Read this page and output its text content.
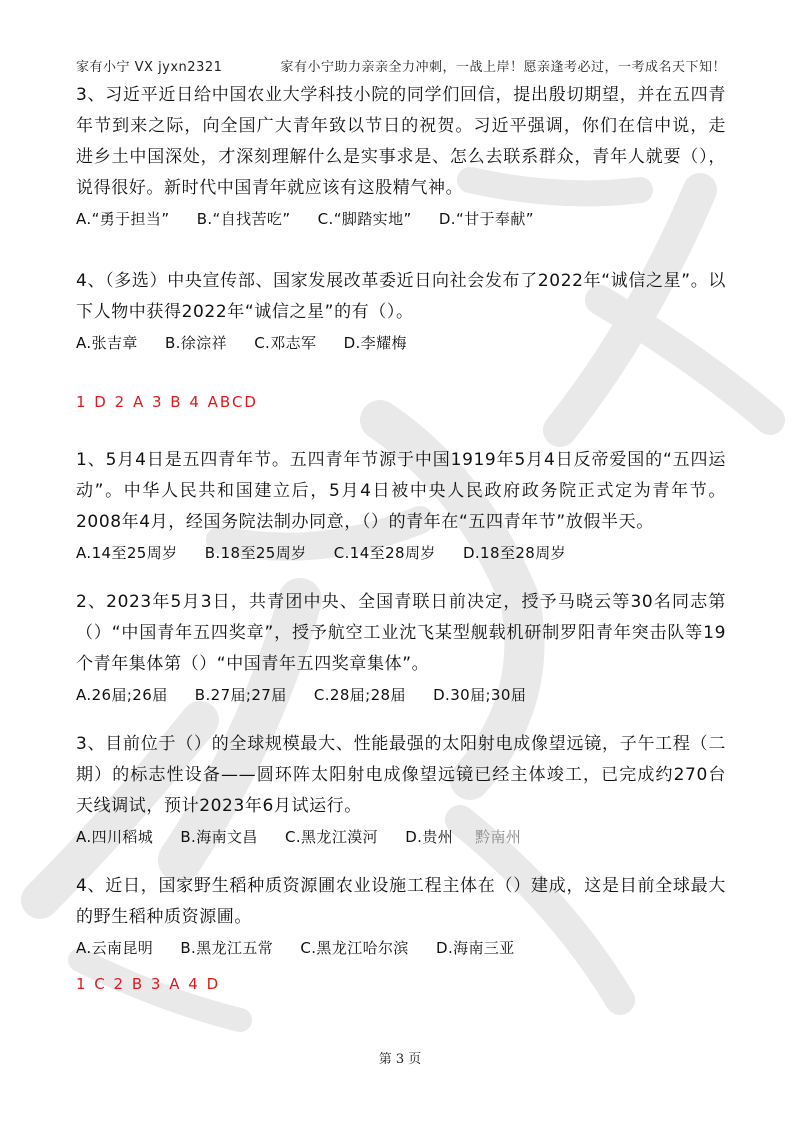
家有小宁 VX jyxn2321	家有小宁助力亲亲全力冲刺，一战上岸！愿亲逢考必过，一考成名天下知！

3、习近平近日给中国农业大学科技小院的同学们回信，提出殷切期望，并在五四青年节到来之际，向全国广大青年致以节日的祝贺。习近平强调，你们在信中说，走进乡土中国深处，才深刻理解什么是实事求是、怎么去联系群众，青年人就要（），说得很好。新时代中国青年就应该有这股精气神。

A.“勇于担当” B.“自找苦吃” C.“脚踏实地” D.“甘于奉献”

4、（多选）中央宣传部、国家发展改革委近日向社会发布了2022年“诚信之星”。以下人物中获得2022年“诚信之星”的有（）。

A.张吉章 B.徐淙祥 C.邓志军 D.李耀梅

1 D 2 A 3 B 4 ABCD

1、5月4日是五四青年节。五四青年节源于中国1919年5月4日反帝爱国的“五四运动”。中华人民共和国建立后，5月4日被中央人民政府政务院正式定为青年节。2008年4月，经国务院法制办同意，（）的青年在“五四青年节”放假半天。

A.14至25周岁 B.18至25周岁 C.14至28周岁 D.18至28周岁

2、2023年5月3日，共青团中央、全国青联日前决定，授予马晓云等30名同志第（）“中国青年五四奖章”，授予航空工业沈飞某型舰载机研制罗阳青年突击队等19个青年集体第（）“中国青年五四奖章集体”。

A.26届;26届 B.27届;27届 C.28届;28届 D.30届;30届

3、目前位于（）的全球规模最大、性能最强的太阳射电成像望远镜，子午工程（二期）的标志性设备——圆环阵太阳射电成像望远镜已经主体竣工，已完成约270台天线调试，预计2023年6月试运行。

A.四川稻城 B.海南文昌 C.黑龙江漠河 D.贵州 黔南州

4、近日，国家野生稻种质资源圃农业设施工程主体在（）建成，这是目前全球最大的野生稻种质资源圃。

A.云南昆明 B.黑龙江五常 C.黑龙江哈尔滨 D.海南三亚

1 C 2 B 3 A 4 D

第 3 页
